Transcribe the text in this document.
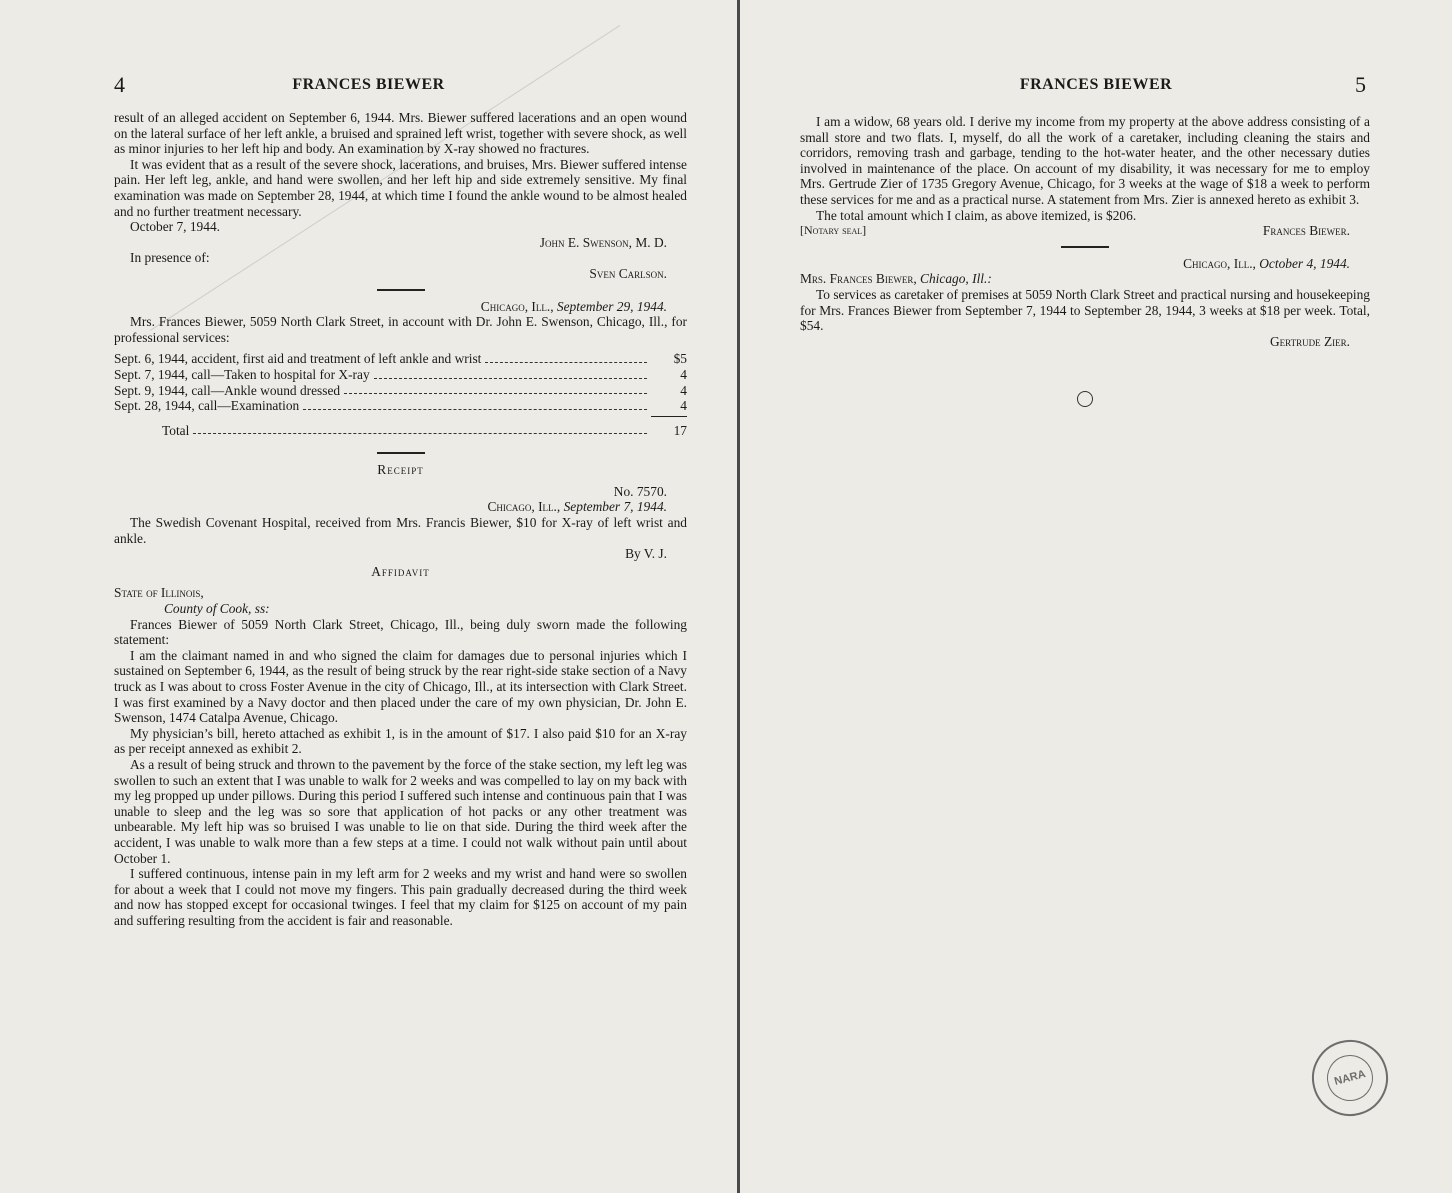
4	FRANCES BIEWER

result of an alleged accident on September 6, 1944. Mrs. Biewer suffered lacerations and an open wound on the lateral surface of her left ankle, a bruised and sprained left wrist, together with severe shock, as well as minor injuries to her left hip and body. An examination by X-ray showed no fractures.

It was evident that as a result of the severe shock, lacerations, and bruises, Mrs. Biewer suffered intense pain. Her left leg, ankle, and hand were swollen, and her left hip and side extremely sensitive. My final examination was made on September 28, 1944, at which time I found the ankle wound to be almost healed and no further treatment necessary.

October 7, 1944.

John E. Swenson, M. D.

In presence of:

Sven Carlson.
Chicago, Ill., September 29, 1944.

Mrs. Frances Biewer, 5059 North Clark Street, in account with Dr. John E. Swenson, Chicago, Ill., for professional services:

Sept. 6, 1944, accident, first aid and treatment of left ankle and wrist	$5
Sept. 7, 1944, call—Taken to hospital for X-ray	4
Sept. 9, 1944, call—Ankle wound dressed	4
Sept. 28, 1944, call—Examination	4
Total	17
Receipt
No. 7570.
Chicago, Ill., September 7, 1944.

The Swedish Covenant Hospital, received from Mrs. Francis Biewer, $10 for X-ray of left wrist and ankle.

By V. J.
Affidavit
State of Illinois,
County of Cook, ss:

Frances Biewer of 5059 North Clark Street, Chicago, Ill., being duly sworn made the following statement:

I am the claimant named in and who signed the claim for damages due to personal injuries which I sustained on September 6, 1944, as the result of being struck by the rear right-side stake section of a Navy truck as I was about to cross Foster Avenue in the city of Chicago, Ill., at its intersection with Clark Street. I was first examined by a Navy doctor and then placed under the care of my own physician, Dr. John E. Swenson, 1474 Catalpa Avenue, Chicago.

My physician’s bill, hereto attached as exhibit 1, is in the amount of $17. I also paid $10 for an X-ray as per receipt annexed as exhibit 2.

As a result of being struck and thrown to the pavement by the force of the stake section, my left leg was swollen to such an extent that I was unable to walk for 2 weeks and was compelled to lay on my back with my leg propped up under pillows. During this period I suffered such intense and continuous pain that I was unable to sleep and the leg was so sore that application of hot packs or any other treatment was unbearable. My left hip was so bruised I was unable to lie on that side. During the third week after the accident, I was unable to walk more than a few steps at a time. I could not walk without pain until about October 1.

I suffered continuous, intense pain in my left arm for 2 weeks and my wrist and hand were so swollen for about a week that I could not move my fingers. This pain gradually decreased during the third week and now has stopped except for occasional twinges. I feel that my claim for $125 on account of my pain and suffering resulting from the accident is fair and reasonable.

FRANCES BIEWER	5

I am a widow, 68 years old. I derive my income from my property at the above address consisting of a small store and two flats. I, myself, do all the work of a caretaker, including cleaning the stairs and corridors, removing trash and garbage, tending to the hot-water heater, and the other necessary duties involved in maintenance of the place. On account of my disability, it was necessary for me to employ Mrs. Gertrude Zier of 1735 Gregory Avenue, Chicago, for 3 weeks at the wage of $18 a week to perform these services for me and as a practical nurse. A statement from Mrs. Zier is annexed hereto as exhibit 3.

The total amount which I claim, as above itemized, is $206.

[Notary seal]	Frances Biewer.
Chicago, Ill., October 4, 1944.
Mrs. Frances Biewer, Chicago, Ill.:

To services as caretaker of premises at 5059 North Clark Street and practical nursing and housekeeping for Mrs. Frances Biewer from September 7, 1944 to September 28, 1944, 3 weeks at $18 per week. Total, $54.

Gertrude Zier.
NARA
